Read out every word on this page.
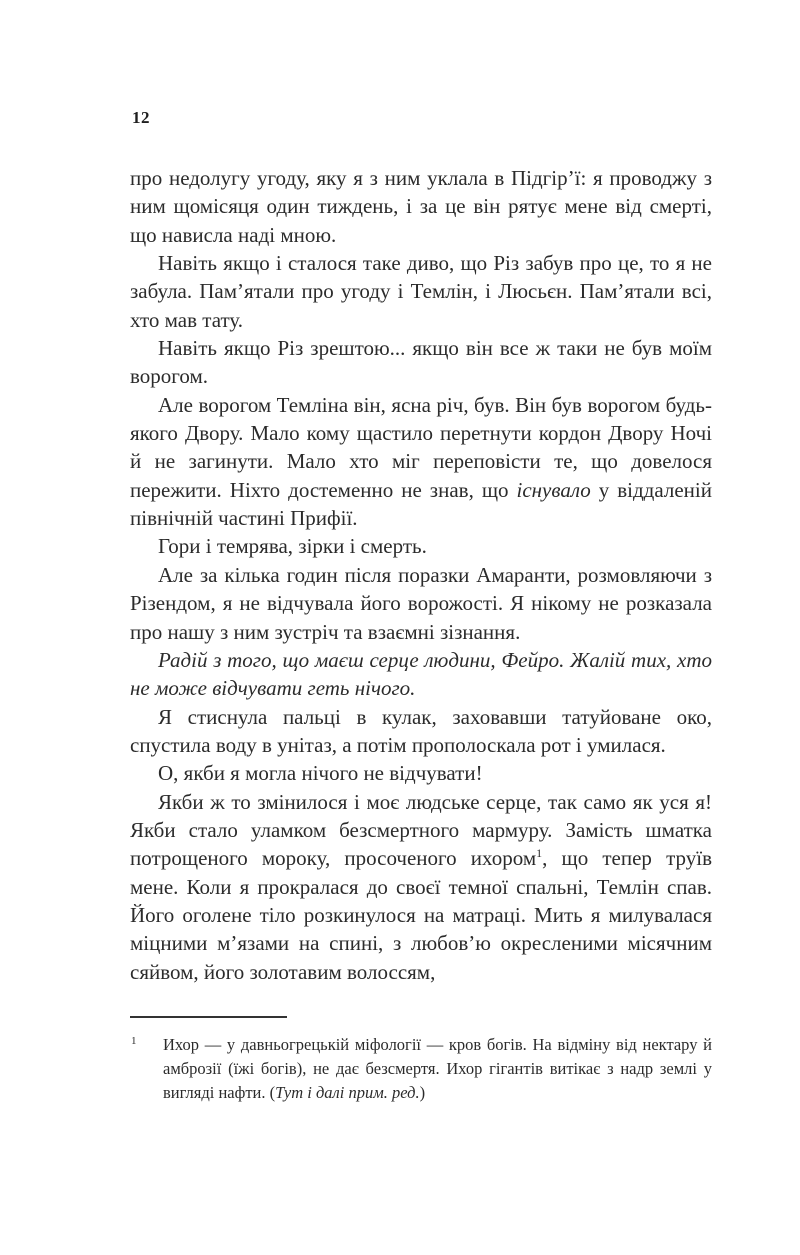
12

про недолугу угоду, яку я з ним уклала в Підгір’ї: я проводжу з ним щомісяця один тиждень, і за це він рятує мене від смерті, що нависла наді мною.

Навіть якщо і сталося таке диво, що Різ забув про це, то я не забула. Пам’ятали про угоду і Темлін, і Люсьєн. Пам’ятали всі, хто мав тату.

Навіть якщо Різ зрештою... якщо він все ж таки не був моїм ворогом.

Але ворогом Темліна він, ясна річ, був. Він був ворогом будь-якого Двору. Мало кому щастило перетнути кордон Двору Ночі й не загинути. Мало хто міг переповісти те, що довелося пережити. Ніхто достеменно не знав, що існувало у віддаленій північній частині Прифії.

Гори і темрява, зірки і смерть.

Але за кілька годин після поразки Амаранти, розмовляючи з Різендом, я не відчувала його ворожості. Я нікому не розказала про нашу з ним зустріч та взаємні зізнання.

Радій з того, що маєш серце людини, Фейро. Жалій тих, хто не може відчувати геть нічого.

Я стиснула пальці в кулак, заховавши татуйоване око, спустила воду в унітаз, а потім прополоскала рот і умилася.

О, якби я могла нічого не відчувати!

Якби ж то змінилося і моє людське серце, так само як уся я! Якби стало уламком безсмертного мармуру. Замість шматка потрощеного мороку, просоченого ихором$^1$, що тепер труїв мене. Коли я прокралася до своєї темної спальні, Темлін спав. Його оголене тіло розкинулося на матраці. Мить я милувалася міцними м’язами на спині, з любов’ю окресленими місячним сяйвом, його золотавим волоссям,

1 Ихор — у давньогрецькій міфології — кров богів. На відміну від нектару й амброзії (їжі богів), не дає безсмертя. Ихор гігантів витікає з надр землі у вигляді нафти. (Тут і далі прим. ред.)
